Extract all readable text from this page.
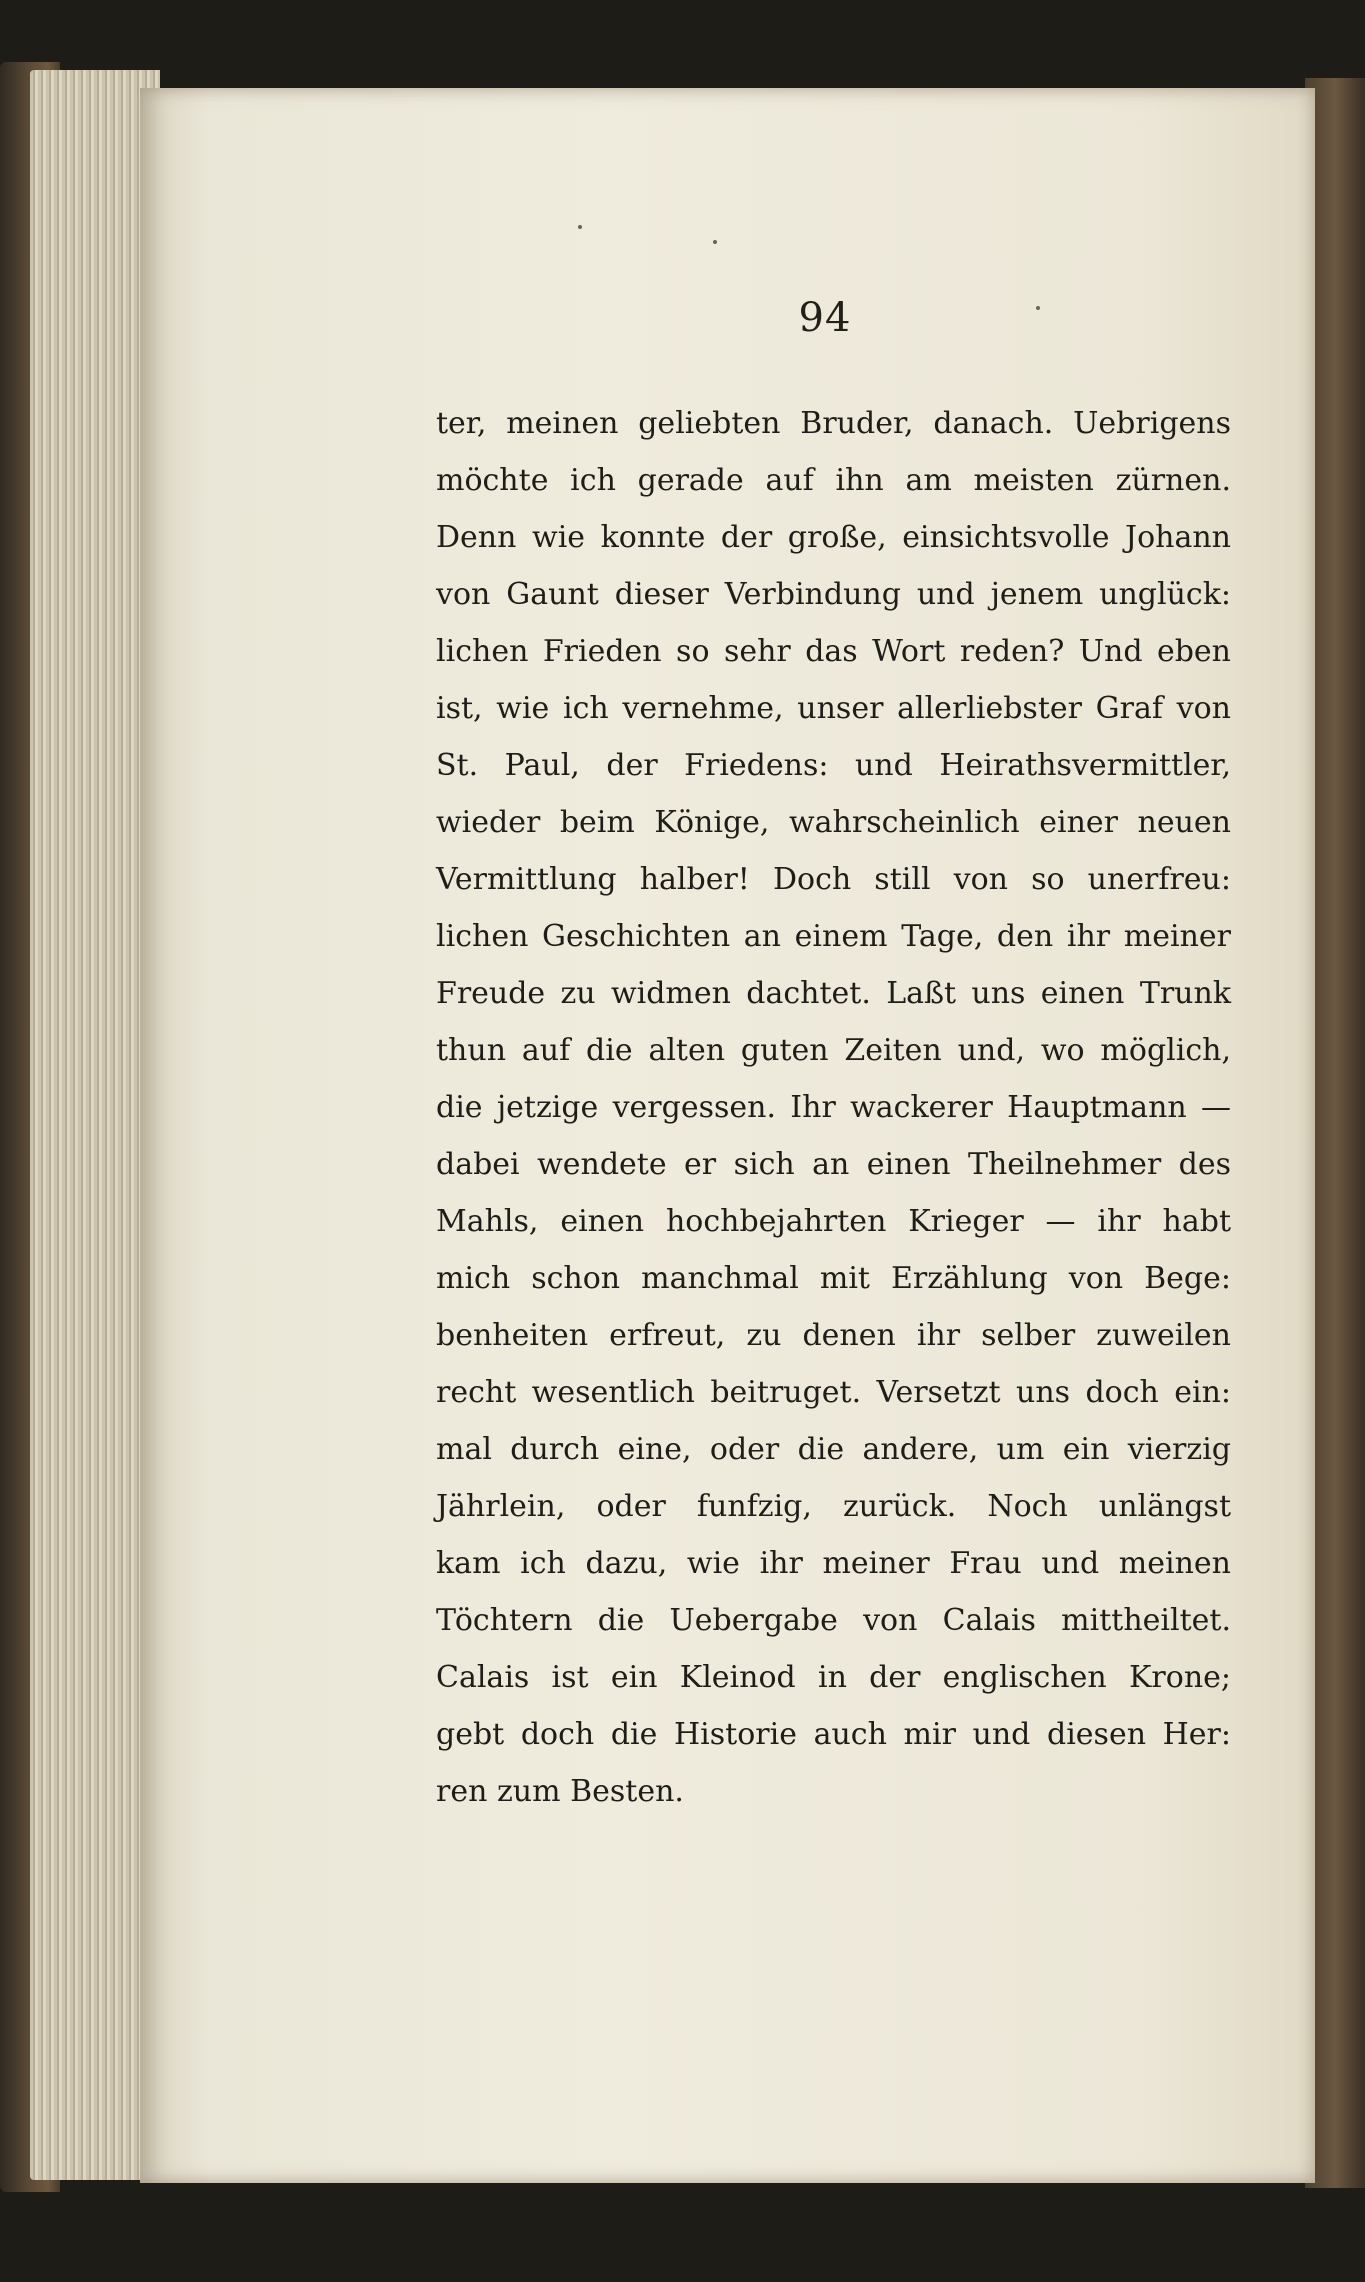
94
ter, meinen geliebten Bruder, danach. Uebrigens
möchte ich gerade auf ihn am meisten zürnen.
Denn wie konnte der große, einsichtsvolle Johann
von Gaunt dieser Verbindung und jenem unglück:
lichen Frieden so sehr das Wort reden? Und eben
ist, wie ich vernehme, unser allerliebster Graf von
St. Paul, der Friedens: und Heirathsvermittler,
wieder beim Könige, wahrscheinlich einer neuen
Vermittlung halber! Doch still von so unerfreu:
lichen Geschichten an einem Tage, den ihr meiner
Freude zu widmen dachtet. Laßt uns einen Trunk
thun auf die alten guten Zeiten und, wo möglich,
die jetzige vergessen. Ihr wackerer Hauptmann —
dabei wendete er sich an einen Theilnehmer des
Mahls, einen hochbejahrten Krieger — ihr habt
mich schon manchmal mit Erzählung von Bege:
benheiten erfreut, zu denen ihr selber zuweilen
recht wesentlich beitruget. Versetzt uns doch ein:
mal durch eine, oder die andere, um ein vierzig
Jährlein, oder funfzig, zurück. Noch unlängst
kam ich dazu, wie ihr meiner Frau und meinen
Töchtern die Uebergabe von Calais mittheiltet.
Calais ist ein Kleinod in der englischen Krone;
gebt doch die Historie auch mir und diesen Her:
ren zum Besten.
